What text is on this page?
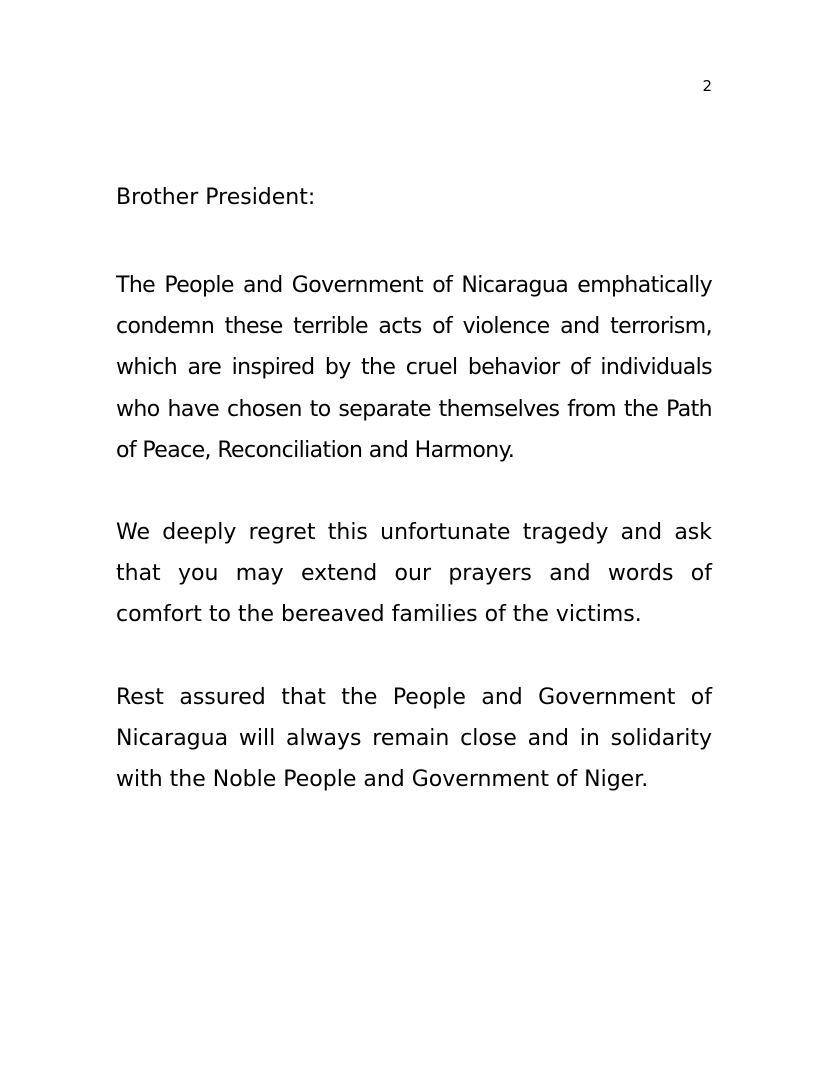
2

Brother President:

The People and Government of Nicaragua emphatically condemn these terrible acts of violence and terrorism, which are inspired by the cruel behavior of individuals who have chosen to separate themselves from the Path of Peace, Reconciliation and Harmony.

We deeply regret this unfortunate tragedy and ask that you may extend our prayers and words of comfort to the bereaved families of the victims.

Rest assured that the People and Government of Nicaragua will always remain close and in solidarity with the Noble People and Government of Niger.
